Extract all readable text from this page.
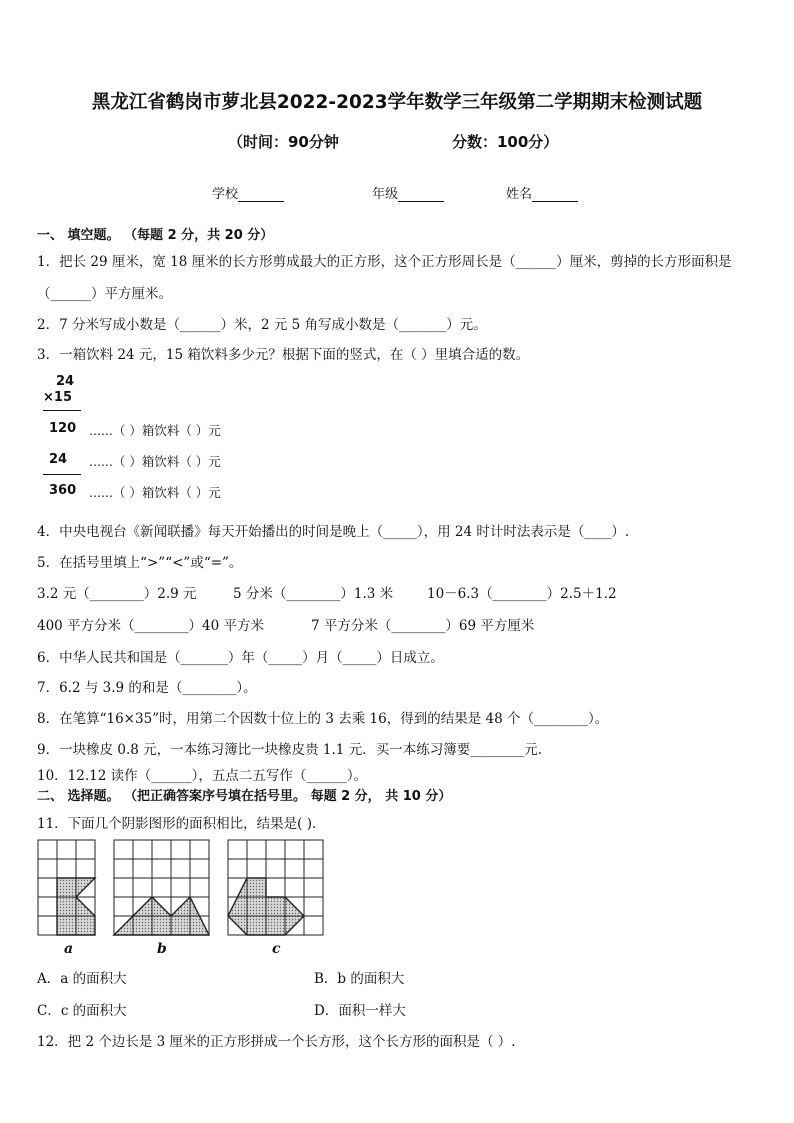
黑龙江省鹤岗市萝北县2022-2023学年数学三年级第二学期期末检测试题
（时间：90分钟	分数：100分）
学校	年级	姓名
一、 填空题。 （每题 2 分，共 20 分）
1．把长 29 厘米，宽 18 厘米的长方形剪成最大的正方形，这个正方形周长是（______）厘米，剪掉的长方形面积是
（______）平方厘米。
2．7 分米写成小数是（______）米，2 元 5 角写成小数是（_______）元。
3．一箱饮料 24 元，15 箱饮料多少元？根据下面的竖式，在（ ）里填合适的数。
24
×15
120 ......（ ）箱饮料（ ）元
24 ......（ ）箱饮料（ ）元
360 ......（ ）箱饮料（ ）元
4．中央电视台《新闻联播》每天开始播出的时间是晚上（_____），用 24 时计时法表示是（____）.
5．在括号里填上“>”“<”或“=”。
3.2 元（________）2.9 元	5 分米（________）1.3 米	10－6.3（________）2.5＋1.2
400 平方分米（________）40 平方米	7 平方分米（________）69 平方厘米
6．中华人民共和国是（_______）年（_____）月（_____）日成立。
7．6.2 与 3.9 的和是（________）。
8．在笔算“16×35”时，用第二个因数十位上的 3 去乘 16，得到的结果是 48 个（________）。
9．一块橡皮 0.8 元，一本练习簿比一块橡皮贵 1.1 元．买一本练习簿要________元.
10．12.12 读作（______），五点二五写作（______）。
二、 选择题。 （把正确答案序号填在括号里。 每题 2 分， 共 10 分）
11．下面几个阴影图形的面积相比，结果是( ).
a	b	c
A．a 的面积大	B．b 的面积大
C．c 的面积大	D．面积一样大
12．把 2 个边长是 3 厘米的正方形拼成一个长方形，这个长方形的面积是（ ）.
